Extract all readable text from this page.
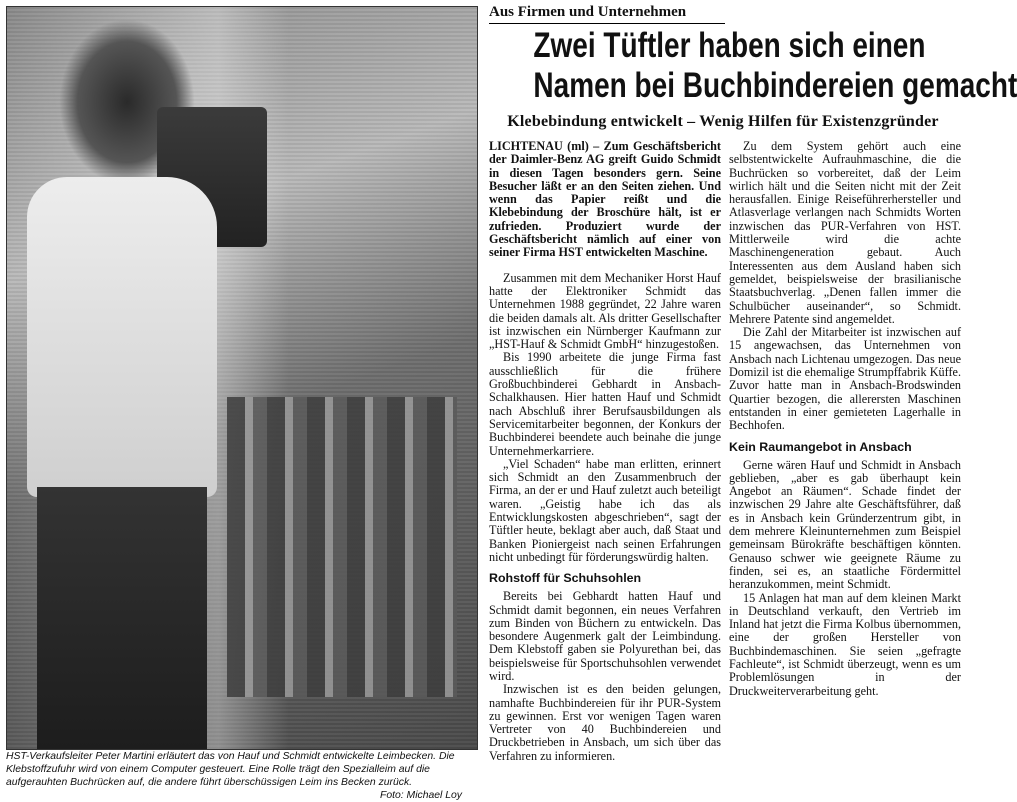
HST-Verkaufsleiter Peter Martini erläutert das von Hauf und Schmidt entwickelte Leimbecken. Die Klebstoffzufuhr wird von einem Computer gesteuert. Eine Rolle trägt den Spezialleim auf die aufgerauhten Buchrücken auf, die andere führt überschüssigen Leim ins Becken zurück.
Foto: Michael Loy

Aus Firmen und Unternehmen
Zwei Tüftler haben sich einen
Namen bei Buchbindereien gemacht
Klebebindung entwickelt – Wenig Hilfen für Existenzgründer

LICHTENAU (ml) – Zum Geschäftsbericht der Daimler-Benz AG greift Guido Schmidt in diesen Tagen besonders gern. Seine Besucher läßt er an den Seiten ziehen. Und wenn das Papier reißt und die Klebebindung der Broschüre hält, ist er zufrieden. Produziert wurde der Geschäftsbericht nämlich auf einer von seiner Firma HST entwickelten Maschine.

Zusammen mit dem Mechaniker Horst Hauf hatte der Elektroniker Schmidt das Unternehmen 1988 gegründet, 22 Jahre waren die beiden damals alt. Als dritter Gesellschafter ist inzwischen ein Nürnberger Kaufmann zur „HST-Hauf & Schmidt GmbH“ hinzugestoßen.

Bis 1990 arbeitete die junge Firma fast ausschließlich für die frühere Großbuchbinderei Gebhardt in Ansbach-Schalkhausen. Hier hatten Hauf und Schmidt nach Abschluß ihrer Berufsausbildungen als Servicemitarbeiter begonnen, der Konkurs der Buchbinderei beendete auch beinahe die junge Unternehmerkarriere.

„Viel Schaden“ habe man erlitten, erinnert sich Schmidt an den Zusammenbruch der Firma, an der er und Hauf zuletzt auch beteiligt waren. „Geistig habe ich das als Entwicklungskosten abgeschrieben“, sagt der Tüftler heute, beklagt aber auch, daß Staat und Banken Pioniergeist nach seinen Erfahrungen nicht unbedingt für förderungswürdig halten.

Rohstoff für Schuhsohlen

Bereits bei Gebhardt hatten Hauf und Schmidt damit begonnen, ein neues Verfahren zum Binden von Büchern zu entwickeln. Das besondere Augenmerk galt der Leimbindung. Dem Klebstoff gaben sie Polyurethan bei, das beispielsweise für Sportschuhsohlen verwendet wird.

Inzwischen ist es den beiden gelungen, namhafte Buchbindereien für ihr PUR-System zu gewinnen. Erst vor wenigen Tagen waren Vertreter von 40 Buchbindereien und Druckbetrieben in Ansbach, um sich über das Verfahren zu informieren.

Zu dem System gehört auch eine selbstentwickelte Aufrauhmaschine, die die Buchrücken so vorbereitet, daß der Leim wirlich hält und die Seiten nicht mit der Zeit herausfallen. Einige Reiseführerhersteller und Atlasverlage verlangen nach Schmidts Worten inzwischen das PUR-Verfahren von HST. Mittlerweile wird die achte Maschinengeneration gebaut. Auch Interessenten aus dem Ausland haben sich gemeldet, beispielsweise der brasilianische Staatsbuchverlag. „Denen fallen immer die Schulbücher auseinander“, so Schmidt. Mehrere Patente sind angemeldet.

Die Zahl der Mitarbeiter ist inzwischen auf 15 angewachsen, das Unternehmen von Ansbach nach Lichtenau umgezogen. Das neue Domizil ist die ehemalige Strumpffabrik Küffe. Zuvor hatte man in Ansbach-Brodswinden Quartier bezogen, die allerersten Maschinen entstanden in einer gemieteten Lagerhalle in Bechhofen.

Kein Raumangebot in Ansbach

Gerne wären Hauf und Schmidt in Ansbach geblieben, „aber es gab überhaupt kein Angebot an Räumen“. Schade findet der inzwischen 29 Jahre alte Geschäftsführer, daß es in Ansbach kein Gründerzentrum gibt, in dem mehrere Kleinunternehmen zum Beispiel gemeinsam Bürokräfte beschäftigen könnten. Genauso schwer wie geeignete Räume zu finden, sei es, an staatliche Fördermittel heranzukommen, meint Schmidt.

15 Anlagen hat man auf dem kleinen Markt in Deutschland verkauft, den Vertrieb im Inland hat jetzt die Firma Kolbus übernommen, eine der großen Hersteller von Buchbindemaschinen. Sie seien „gefragte Fachleute“, ist Schmidt überzeugt, wenn es um Problemlösungen in der Druckweiterverarbeitung geht.
